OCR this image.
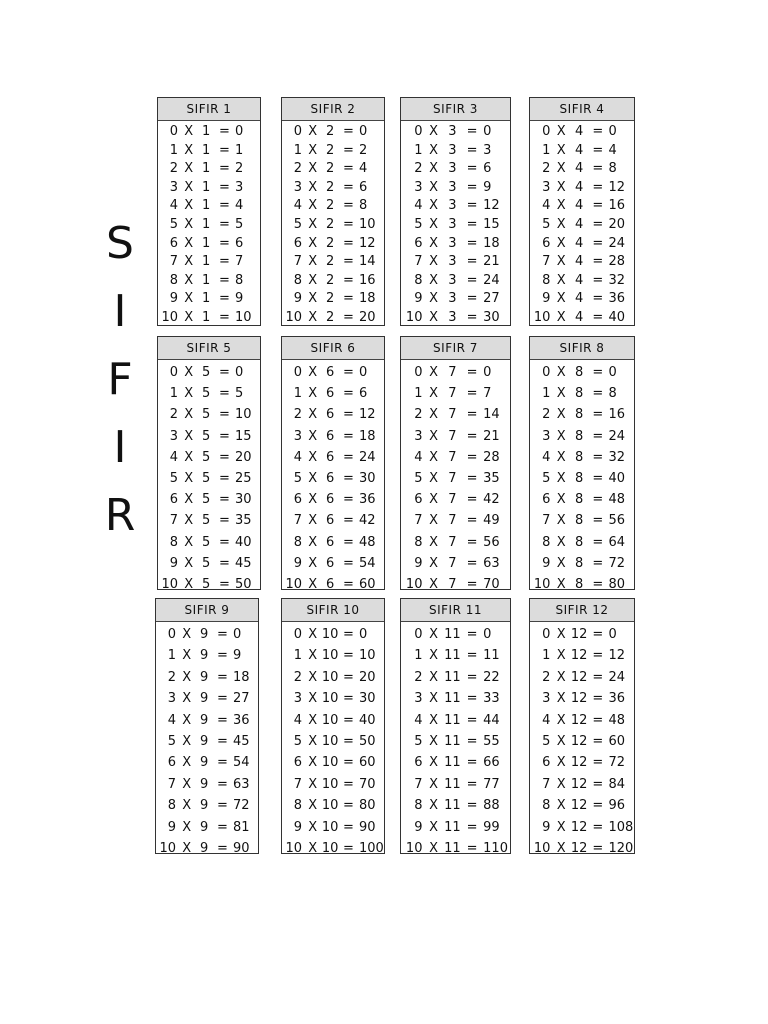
S
I
F
I
R
SIFIR 1
0 X 1 = 0
1 X 1 = 1
2 X 1 = 2
3 X 1 = 3
4 X 1 = 4
5 X 1 = 5
6 X 1 = 6
7 X 1 = 7
8 X 1 = 8
9 X 1 = 9
10 X 1 = 10
SIFIR 2
0 X 2 = 0
1 X 2 = 2
2 X 2 = 4
3 X 2 = 6
4 X 2 = 8
5 X 2 = 10
6 X 2 = 12
7 X 2 = 14
8 X 2 = 16
9 X 2 = 18
10 X 2 = 20
SIFIR 3
0 X 3 = 0
1 X 3 = 3
2 X 3 = 6
3 X 3 = 9
4 X 3 = 12
5 X 3 = 15
6 X 3 = 18
7 X 3 = 21
8 X 3 = 24
9 X 3 = 27
10 X 3 = 30
SIFIR 4
0 X 4 = 0
1 X 4 = 4
2 X 4 = 8
3 X 4 = 12
4 X 4 = 16
5 X 4 = 20
6 X 4 = 24
7 X 4 = 28
8 X 4 = 32
9 X 4 = 36
10 X 4 = 40
SIFIR 5
0 X 5 = 0
1 X 5 = 5
2 X 5 = 10
3 X 5 = 15
4 X 5 = 20
5 X 5 = 25
6 X 5 = 30
7 X 5 = 35
8 X 5 = 40
9 X 5 = 45
10 X 5 = 50
SIFIR 6
0 X 6 = 0
1 X 6 = 6
2 X 6 = 12
3 X 6 = 18
4 X 6 = 24
5 X 6 = 30
6 X 6 = 36
7 X 6 = 42
8 X 6 = 48
9 X 6 = 54
10 X 6 = 60
SIFIR 7
0 X 7 = 0
1 X 7 = 7
2 X 7 = 14
3 X 7 = 21
4 X 7 = 28
5 X 7 = 35
6 X 7 = 42
7 X 7 = 49
8 X 7 = 56
9 X 7 = 63
10 X 7 = 70
SIFIR 8
0 X 8 = 0
1 X 8 = 8
2 X 8 = 16
3 X 8 = 24
4 X 8 = 32
5 X 8 = 40
6 X 8 = 48
7 X 8 = 56
8 X 8 = 64
9 X 8 = 72
10 X 8 = 80
SIFIR 9
0 X 9 = 0
1 X 9 = 9
2 X 9 = 18
3 X 9 = 27
4 X 9 = 36
5 X 9 = 45
6 X 9 = 54
7 X 9 = 63
8 X 9 = 72
9 X 9 = 81
10 X 9 = 90
SIFIR 10
0 X 10 = 0
1 X 10 = 10
2 X 10 = 20
3 X 10 = 30
4 X 10 = 40
5 X 10 = 50
6 X 10 = 60
7 X 10 = 70
8 X 10 = 80
9 X 10 = 90
10 X 10 = 100
SIFIR 11
0 X 11 = 0
1 X 11 = 11
2 X 11 = 22
3 X 11 = 33
4 X 11 = 44
5 X 11 = 55
6 X 11 = 66
7 X 11 = 77
8 X 11 = 88
9 X 11 = 99
10 X 11 = 110
SIFIR 12
0 X 12 = 0
1 X 12 = 12
2 X 12 = 24
3 X 12 = 36
4 X 12 = 48
5 X 12 = 60
6 X 12 = 72
7 X 12 = 84
8 X 12 = 96
9 X 12 = 108
10 X 12 = 120
